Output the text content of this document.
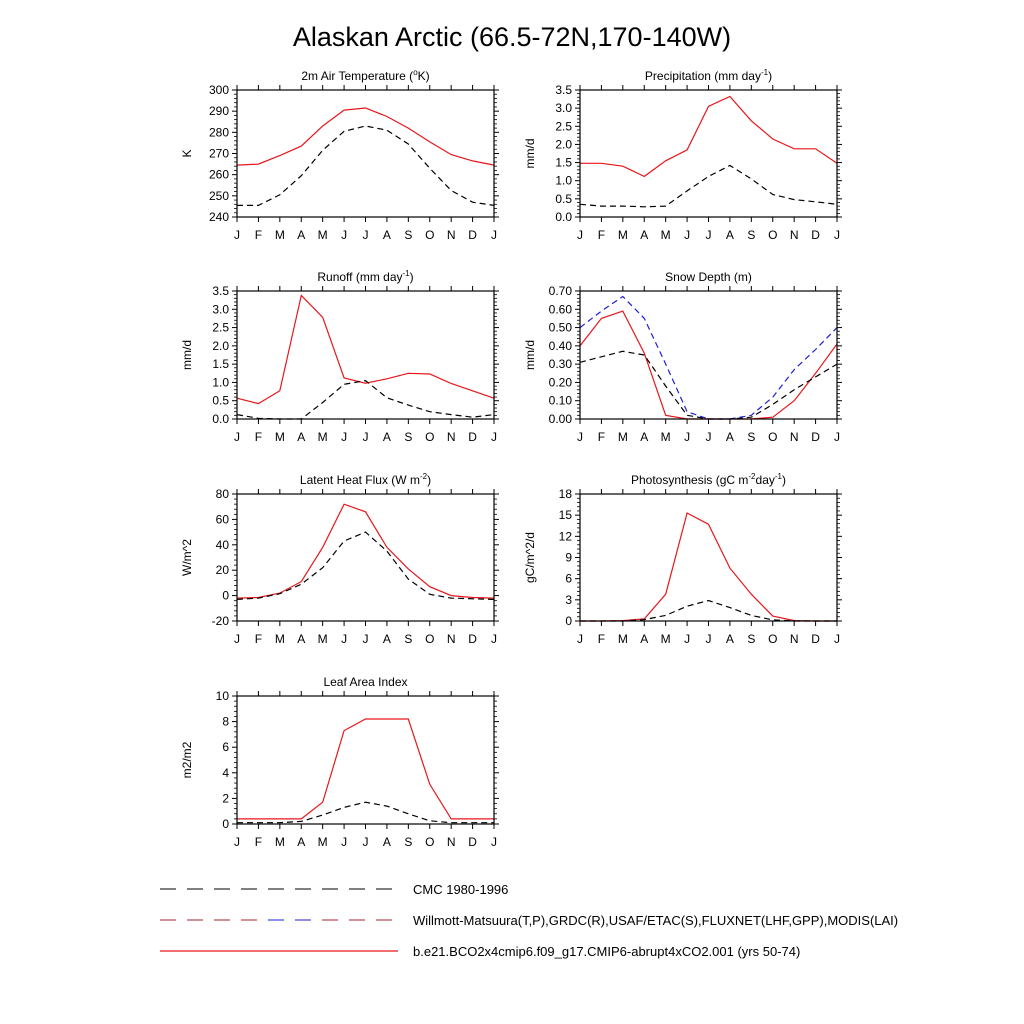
Alaskan Arctic (66.5-72N,170-140W)
2m Air Temperature ($^o$K)
K
240
250
260
270
280
290
300
J F M A M J J A S O N D J
Precipitation (mm day$^{-1}$)
mm/d
0.0
0.5
1.0
1.5
2.0
2.5
3.0
3.5
J F M A M J J A S O N D J
Runoff (mm day$^{-1}$)
mm/d
0.0
0.5
1.0
1.5
2.0
2.5
3.0
3.5
J F M A M J J A S O N D J
Snow Depth (m)
mm/d
0.00
0.10
0.20
0.30
0.40
0.50
0.60
0.70
J F M A M J J A S O N D J
Latent Heat Flux (W $m^{-2}$)
W/m^2
-20
0
20
40
60
80
J F M A M J J A S O N D J
Photosynthesis (gC $m^{-2}day^{-1}$)
gC/m^2/d
0
3
6
9
12
15
18
J F M A M J J A S O N D J
Leaf Area Index
m2/m2
0
2
4
6
8
10
J F M A M J J A S O N D J
CMC 1980-1996
Willmott-Matsuura(T,P),GRDC(R),USAF/ETAC(S),FLUXNET(LHF,GPP),MODIS(LAI)
b.e21.BCO2x4cmip6.f09_g17.CMIP6-abrupt4xCO2.001 (yrs 50-74)
